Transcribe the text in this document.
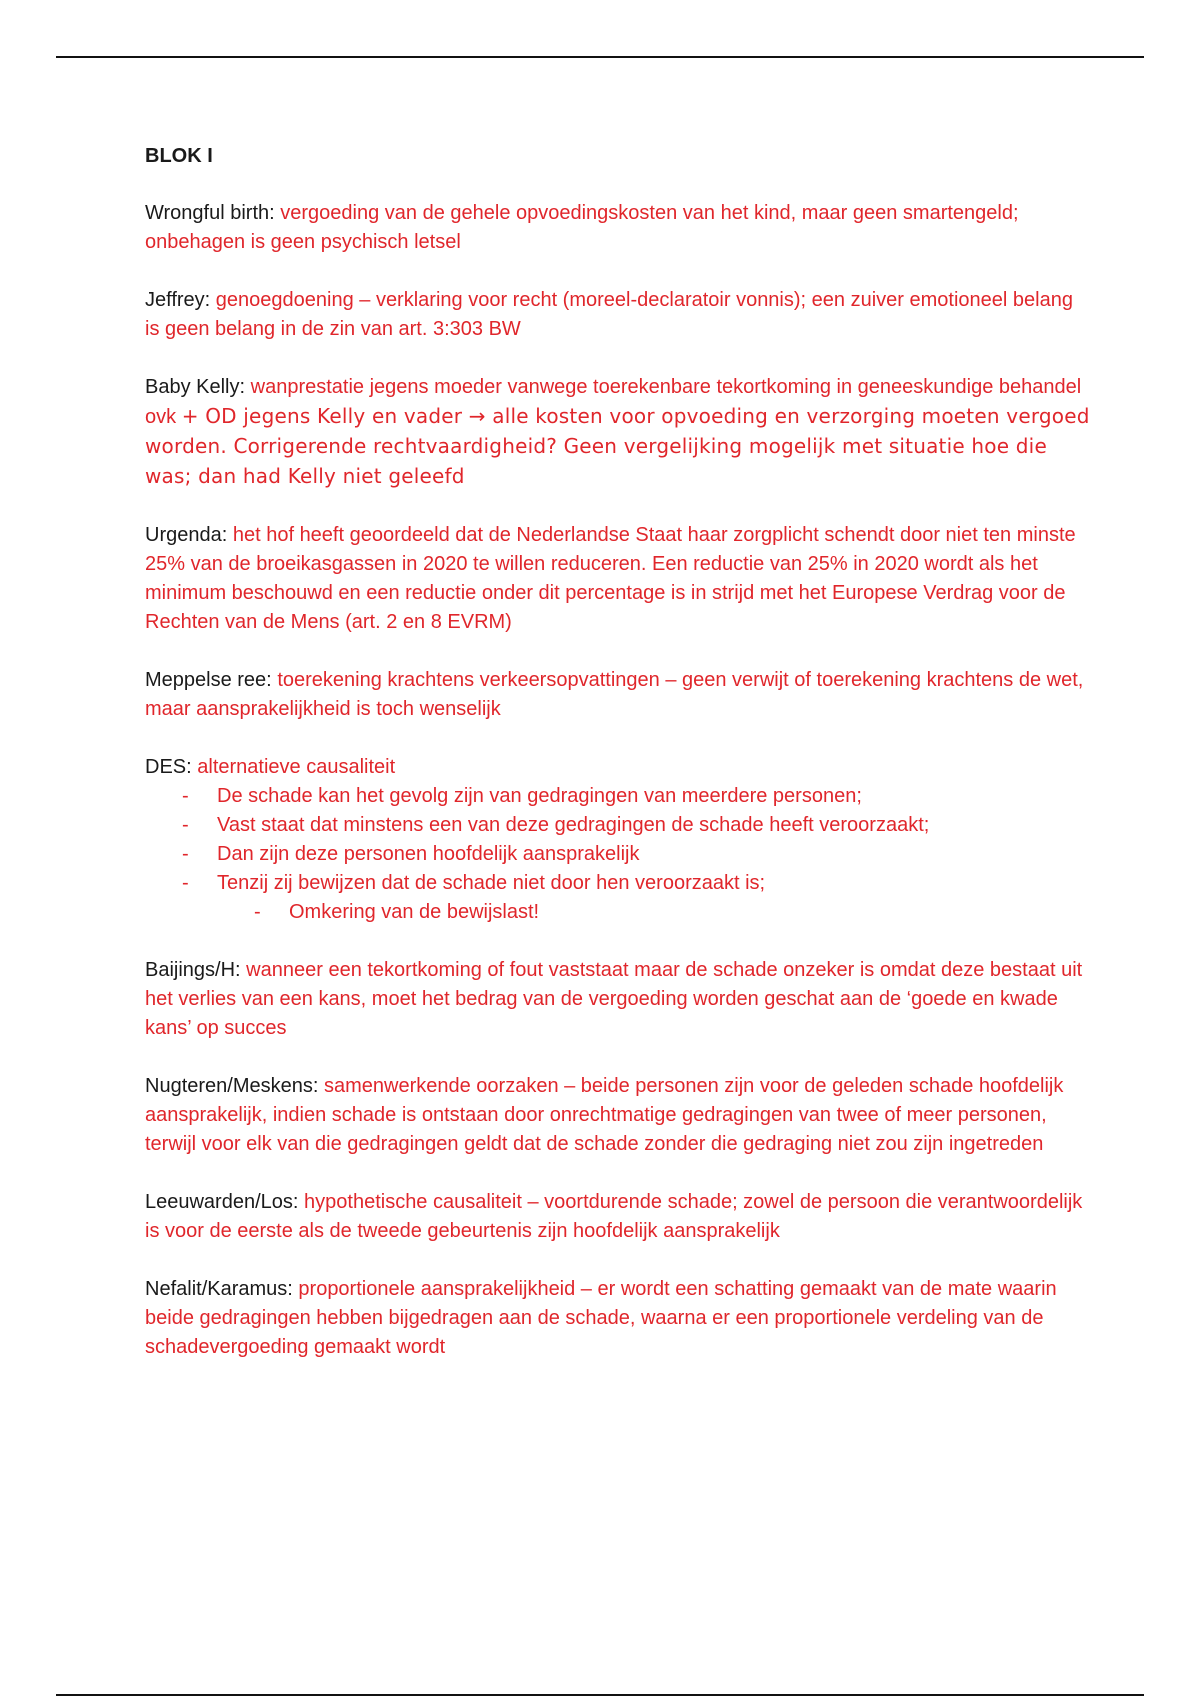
BLOK I

Wrongful birth: vergoeding van de gehele opvoedingskosten van het kind, maar geen smartengeld; onbehagen is geen psychisch letsel

Jeffrey: genoegdoening – verklaring voor recht (moreel-declaratoir vonnis); een zuiver emotioneel belang is geen belang in de zin van art. 3:303 BW

Baby Kelly: wanprestatie jegens moeder vanwege toerekenbare tekortkoming in geneeskundige behandel ovk + OD jegens Kelly en vader → alle kosten voor opvoeding en verzorging moeten vergoed worden. Corrigerende rechtvaardigheid? Geen vergelijking mogelijk met situatie hoe die was; dan had Kelly niet geleefd

Urgenda: het hof heeft geoordeeld dat de Nederlandse Staat haar zorgplicht schendt door niet ten minste 25% van de broeikasgassen in 2020 te willen reduceren. Een reductie van 25% in 2020 wordt als het minimum beschouwd en een reductie onder dit percentage is in strijd met het Europese Verdrag voor de Rechten van de Mens (art. 2 en 8 EVRM)

Meppelse ree: toerekening krachtens verkeersopvattingen – geen verwijt of toerekening krachtens de wet, maar aansprakelijkheid is toch wenselijk

DES: alternatieve causaliteit
- De schade kan het gevolg zijn van gedragingen van meerdere personen;
- Vast staat dat minstens een van deze gedragingen de schade heeft veroorzaakt;
- Dan zijn deze personen hoofdelijk aansprakelijk
- Tenzij zij bewijzen dat de schade niet door hen veroorzaakt is;
- Omkering van de bewijslast!

Baijings/H: wanneer een tekortkoming of fout vaststaat maar de schade onzeker is omdat deze bestaat uit het verlies van een kans, moet het bedrag van de vergoeding worden geschat aan de ‘goede en kwade kans’ op succes

Nugteren/Meskens: samenwerkende oorzaken – beide personen zijn voor de geleden schade hoofdelijk aansprakelijk, indien schade is ontstaan door onrechtmatige gedragingen van twee of meer personen, terwijl voor elk van die gedragingen geldt dat de schade zonder die gedraging niet zou zijn ingetreden

Leeuwarden/Los: hypothetische causaliteit – voortdurende schade; zowel de persoon die verantwoordelijk is voor de eerste als de tweede gebeurtenis zijn hoofdelijk aansprakelijk

Nefalit/Karamus: proportionele aansprakelijkheid – er wordt een schatting gemaakt van de mate waarin beide gedragingen hebben bijgedragen aan de schade, waarna er een proportionele verdeling van de schadevergoeding gemaakt wordt
